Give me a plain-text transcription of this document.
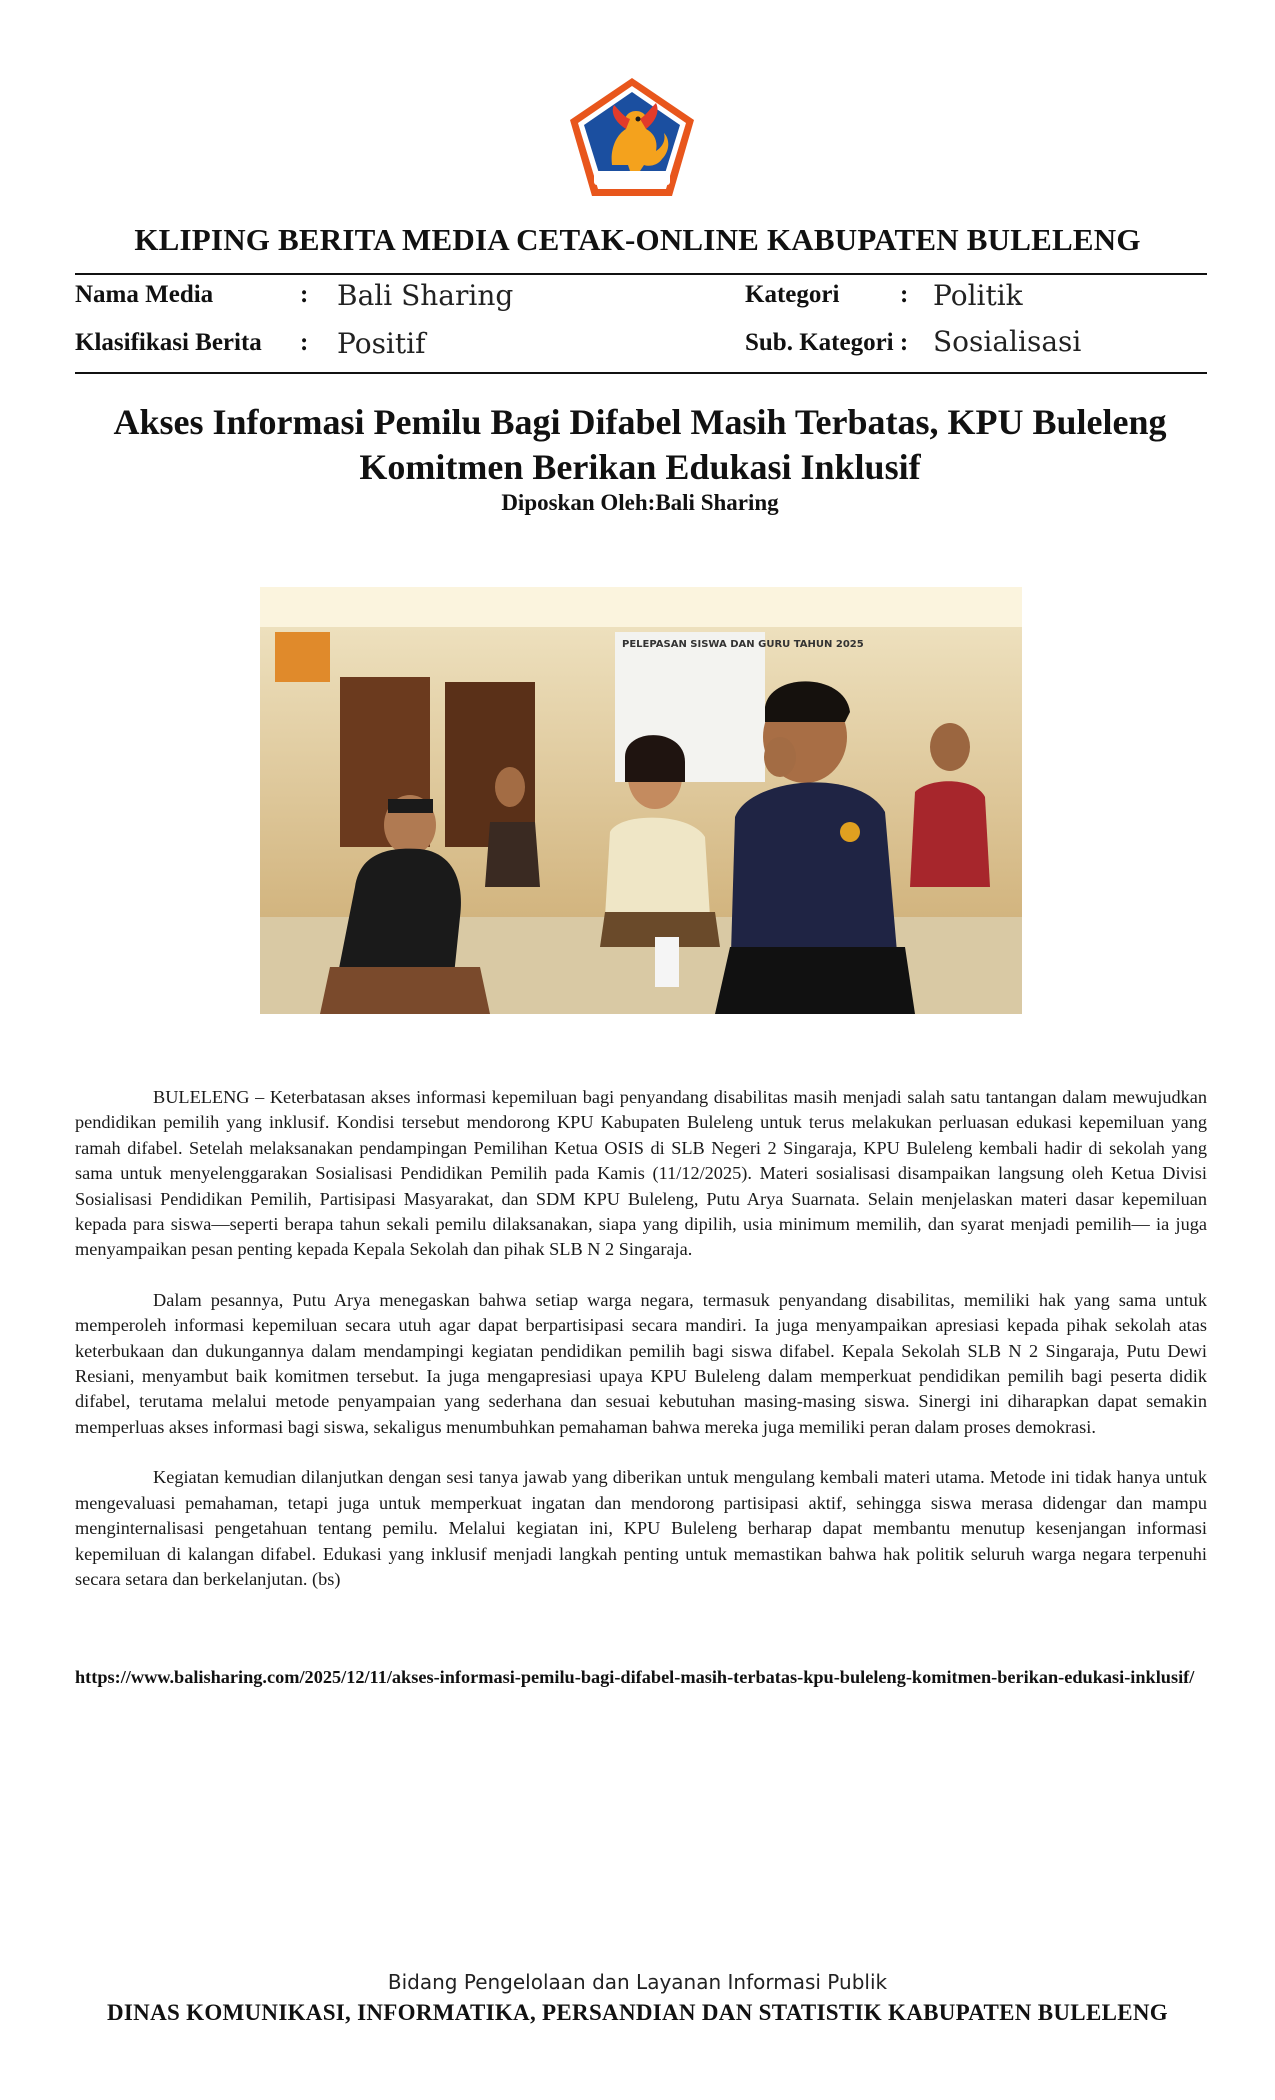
KLIPING BERITA MEDIA CETAK-ONLINE KABUPATEN BULELENG
Nama Media	: Bali Sharing	Kategori : Politik
Klasifikasi Berita : Positif	Sub. Kategori : Sosialisasi
Akses Informasi Pemilu Bagi Difabel Masih Terbatas, KPU Buleleng Komitmen Berikan Edukasi Inklusif
Diposkan Oleh:Bali Sharing
PELEPASAN SISWA DAN GURU TAHUN 2025

BULELENG – Keterbatasan akses informasi kepemiluan bagi penyandang disabilitas masih menjadi salah satu tantangan dalam mewujudkan pendidikan pemilih yang inklusif. Kondisi tersebut mendorong KPU Kabupaten Buleleng untuk terus melakukan perluasan edukasi kepemiluan yang ramah difabel. Setelah melaksanakan pendampingan Pemilihan Ketua OSIS di SLB Negeri 2 Singaraja, KPU Buleleng kembali hadir di sekolah yang sama untuk menyelenggarakan Sosialisasi Pendidikan Pemilih pada Kamis (11/12/2025). Materi sosialisasi disampaikan langsung oleh Ketua Divisi Sosialisasi Pendidikan Pemilih, Partisipasi Masyarakat, dan SDM KPU Buleleng, Putu Arya Suarnata. Selain menjelaskan materi dasar kepemiluan kepada para siswa—seperti berapa tahun sekali pemilu dilaksanakan, siapa yang dipilih, usia minimum memilih, dan syarat menjadi pemilih— ia juga menyampaikan pesan penting kepada Kepala Sekolah dan pihak SLB N 2 Singaraja.

Dalam pesannya, Putu Arya menegaskan bahwa setiap warga negara, termasuk penyandang disabilitas, memiliki hak yang sama untuk memperoleh informasi kepemiluan secara utuh agar dapat berpartisipasi secara mandiri. Ia juga menyampaikan apresiasi kepada pihak sekolah atas keterbukaan dan dukungannya dalam mendampingi kegiatan pendidikan pemilih bagi siswa difabel. Kepala Sekolah SLB N 2 Singaraja, Putu Dewi Resiani, menyambut baik komitmen tersebut. Ia juga mengapresiasi upaya KPU Buleleng dalam memperkuat pendidikan pemilih bagi peserta didik difabel, terutama melalui metode penyampaian yang sederhana dan sesuai kebutuhan masing-masing siswa. Sinergi ini diharapkan dapat semakin memperluas akses informasi bagi siswa, sekaligus menumbuhkan pemahaman bahwa mereka juga memiliki peran dalam proses demokrasi.

Kegiatan kemudian dilanjutkan dengan sesi tanya jawab yang diberikan untuk mengulang kembali materi utama. Metode ini tidak hanya untuk mengevaluasi pemahaman, tetapi juga untuk memperkuat ingatan dan mendorong partisipasi aktif, sehingga siswa merasa didengar dan mampu menginternalisasi pengetahuan tentang pemilu. Melalui kegiatan ini, KPU Buleleng berharap dapat membantu menutup kesenjangan informasi kepemiluan di kalangan difabel. Edukasi yang inklusif menjadi langkah penting untuk memastikan bahwa hak politik seluruh warga negara terpenuhi secara setara dan berkelanjutan. (bs)

https://www.balisharing.com/2025/12/11/akses-informasi-pemilu-bagi-difabel-masih-terbatas-kpu-buleleng-komitmen-berikan-edukasi-inklusif/
Bidang Pengelolaan dan Layanan Informasi Publik
DINAS KOMUNIKASI, INFORMATIKA, PERSANDIAN DAN STATISTIK KABUPATEN BULELENG
